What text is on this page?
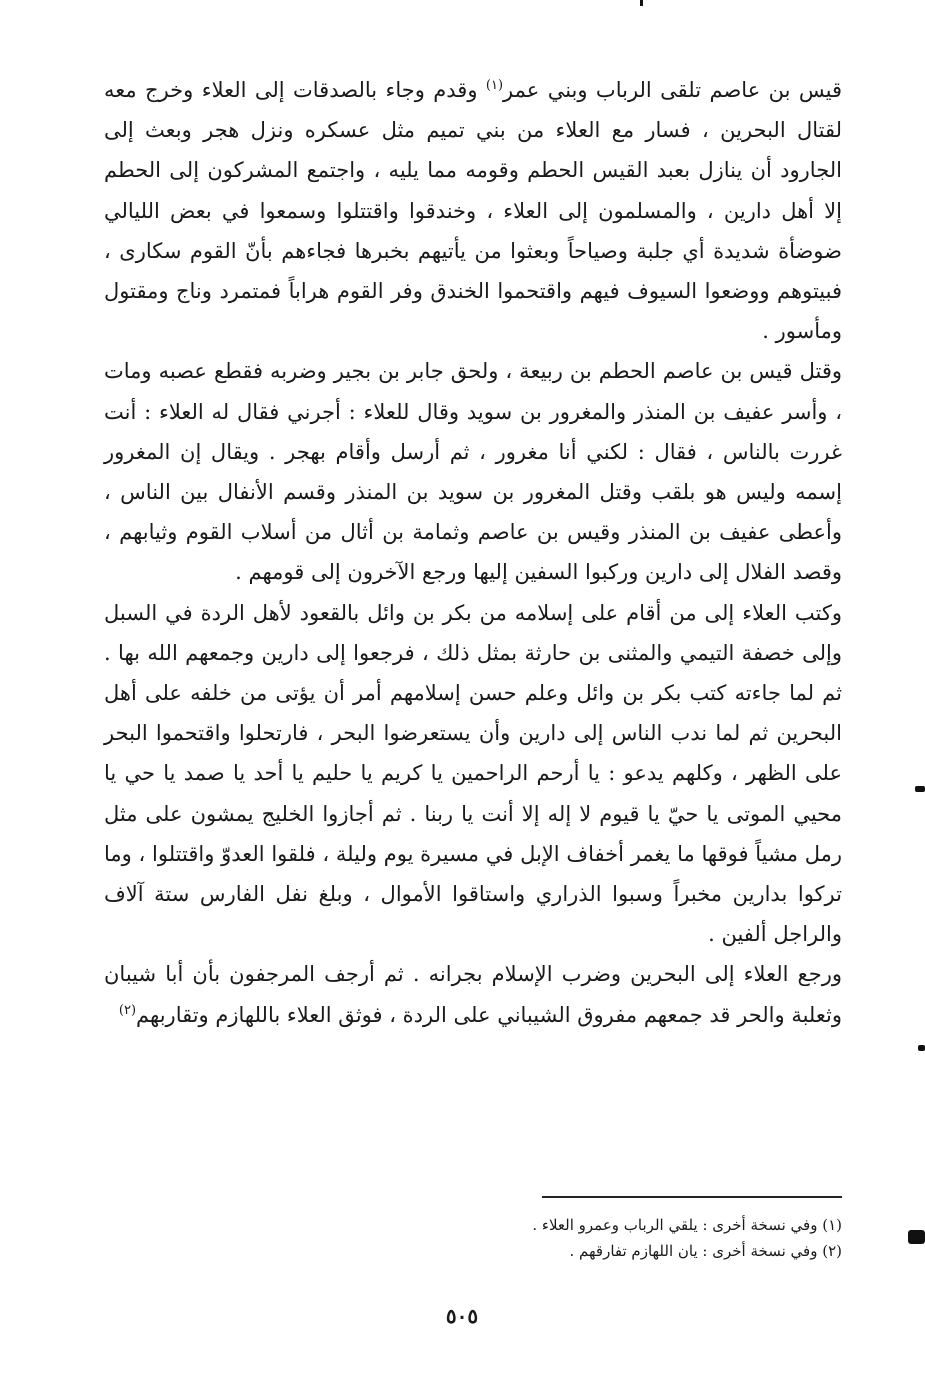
قيس بن عاصم تلقى الرباب وبني عمر$^{(١)}$ وقدم وجاء بالصدقات إلى العلاء وخرج معه لقتال البحرين ، فسار مع العلاء من بني تميم مثل عسكره ونزل هجر وبعث إلى الجارود أن ينازل بعبد القيس الحطم وقومه مما يليه ، واجتمع المشركون إلى الحطم إلا أهل دارين ، والمسلمون إلى العلاء ، وخندقوا واقتتلوا وسمعوا في بعض الليالي ضوضأة شديدة أي جلبة وصياحاً وبعثوا من يأتيهم بخبرها فجاءهم بأنّ القوم سكارى ، فبيتوهم ووضعوا السيوف فيهم واقتحموا الخندق وفر القوم هراباً فمتمرد وناج ومقتول ومأسور .

وقتل قيس بن عاصم الحطم بن ربيعة ، ولحق جابر بن بجير وضربه فقطع عصبه ومات ، وأسر عفيف بن المنذر والمغرور بن سويد وقال للعلاء : أجرني فقال له العلاء : أنت غررت بالناس ، فقال : لكني أنا مغرور ، ثم أرسل وأقام بهجر . ويقال إن المغرور إسمه وليس هو بلقب وقتل المغرور بن سويد بن المنذر وقسم الأنفال بين الناس ، وأعطى عفيف بن المنذر وقيس بن عاصم وثمامة بن أثال من أسلاب القوم وثيابهم ، وقصد الفلال إلى دارين وركبوا السفين إليها ورجع الآخرون إلى قومهم .

وكتب العلاء إلى من أقام على إسلامه من بكر بن وائل بالقعود لأهل الردة في السبل وإلى خصفة التيمي والمثنى بن حارثة بمثل ذلك ، فرجعوا إلى دارين وجمعهم الله بها . ثم لما جاءته كتب بكر بن وائل وعلم حسن إسلامهم أمر أن يؤتى من خلفه على أهل البحرين ثم لما ندب الناس إلى دارين وأن يستعرضوا البحر ، فارتحلوا واقتحموا البحر على الظهر ، وكلهم يدعو : يا أرحم الراحمين يا كريم يا حليم يا أحد يا صمد يا حي يا محيي الموتى يا حيّ يا قيوم لا إله إلا أنت يا ربنا . ثم أجازوا الخليج يمشون على مثل رمل مشياً فوقها ما يغمر أخفاف الإبل في مسيرة يوم وليلة ، فلقوا العدوّ واقتتلوا ، وما تركوا بدارين مخبراً وسبوا الذراري واستاقوا الأموال ، وبلغ نفل الفارس ستة آلاف والراجل ألفين .

ورجع العلاء إلى البحرين وضرب الإسلام بجرانه . ثم أرجف المرجفون بأن أبا شيبان وثعلبة والحر قد جمعهم مفروق الشيباني على الردة ، فوثق العلاء باللهازم وتقاربهم$^{(٢)}$

(١) وفي نسخة أخرى : يلقي الرباب وعمرو العلاء .

(٢) وفي نسخة أخرى : يان اللهازم تفارقهم .

٥٠٥
